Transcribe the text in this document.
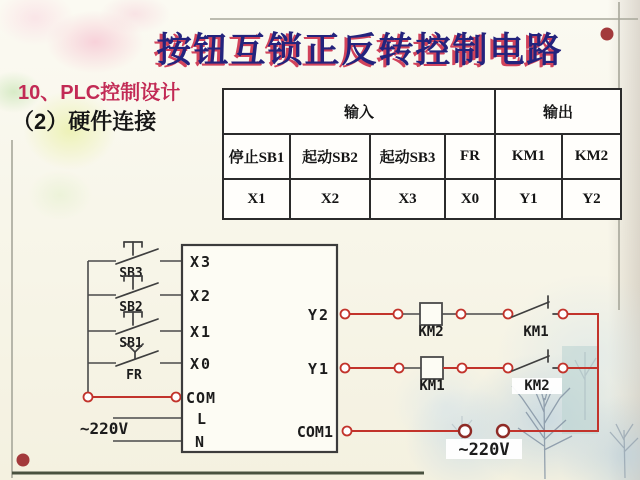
SB3
SB2
SB1
FR
~220V
X3
X2
X1
X0
COM
L
N
Y2
Y1
COM1
KM2	KM1
KM1	KM2
~220V
按钮互锁正反转控制电路
10、PLC控制设计
（2）硬件连接	输入				输出	
停止SB1	起动SB2	起动SB3	FR	KM1	KM2
X1	X2	X3	X0	Y1	Y2
